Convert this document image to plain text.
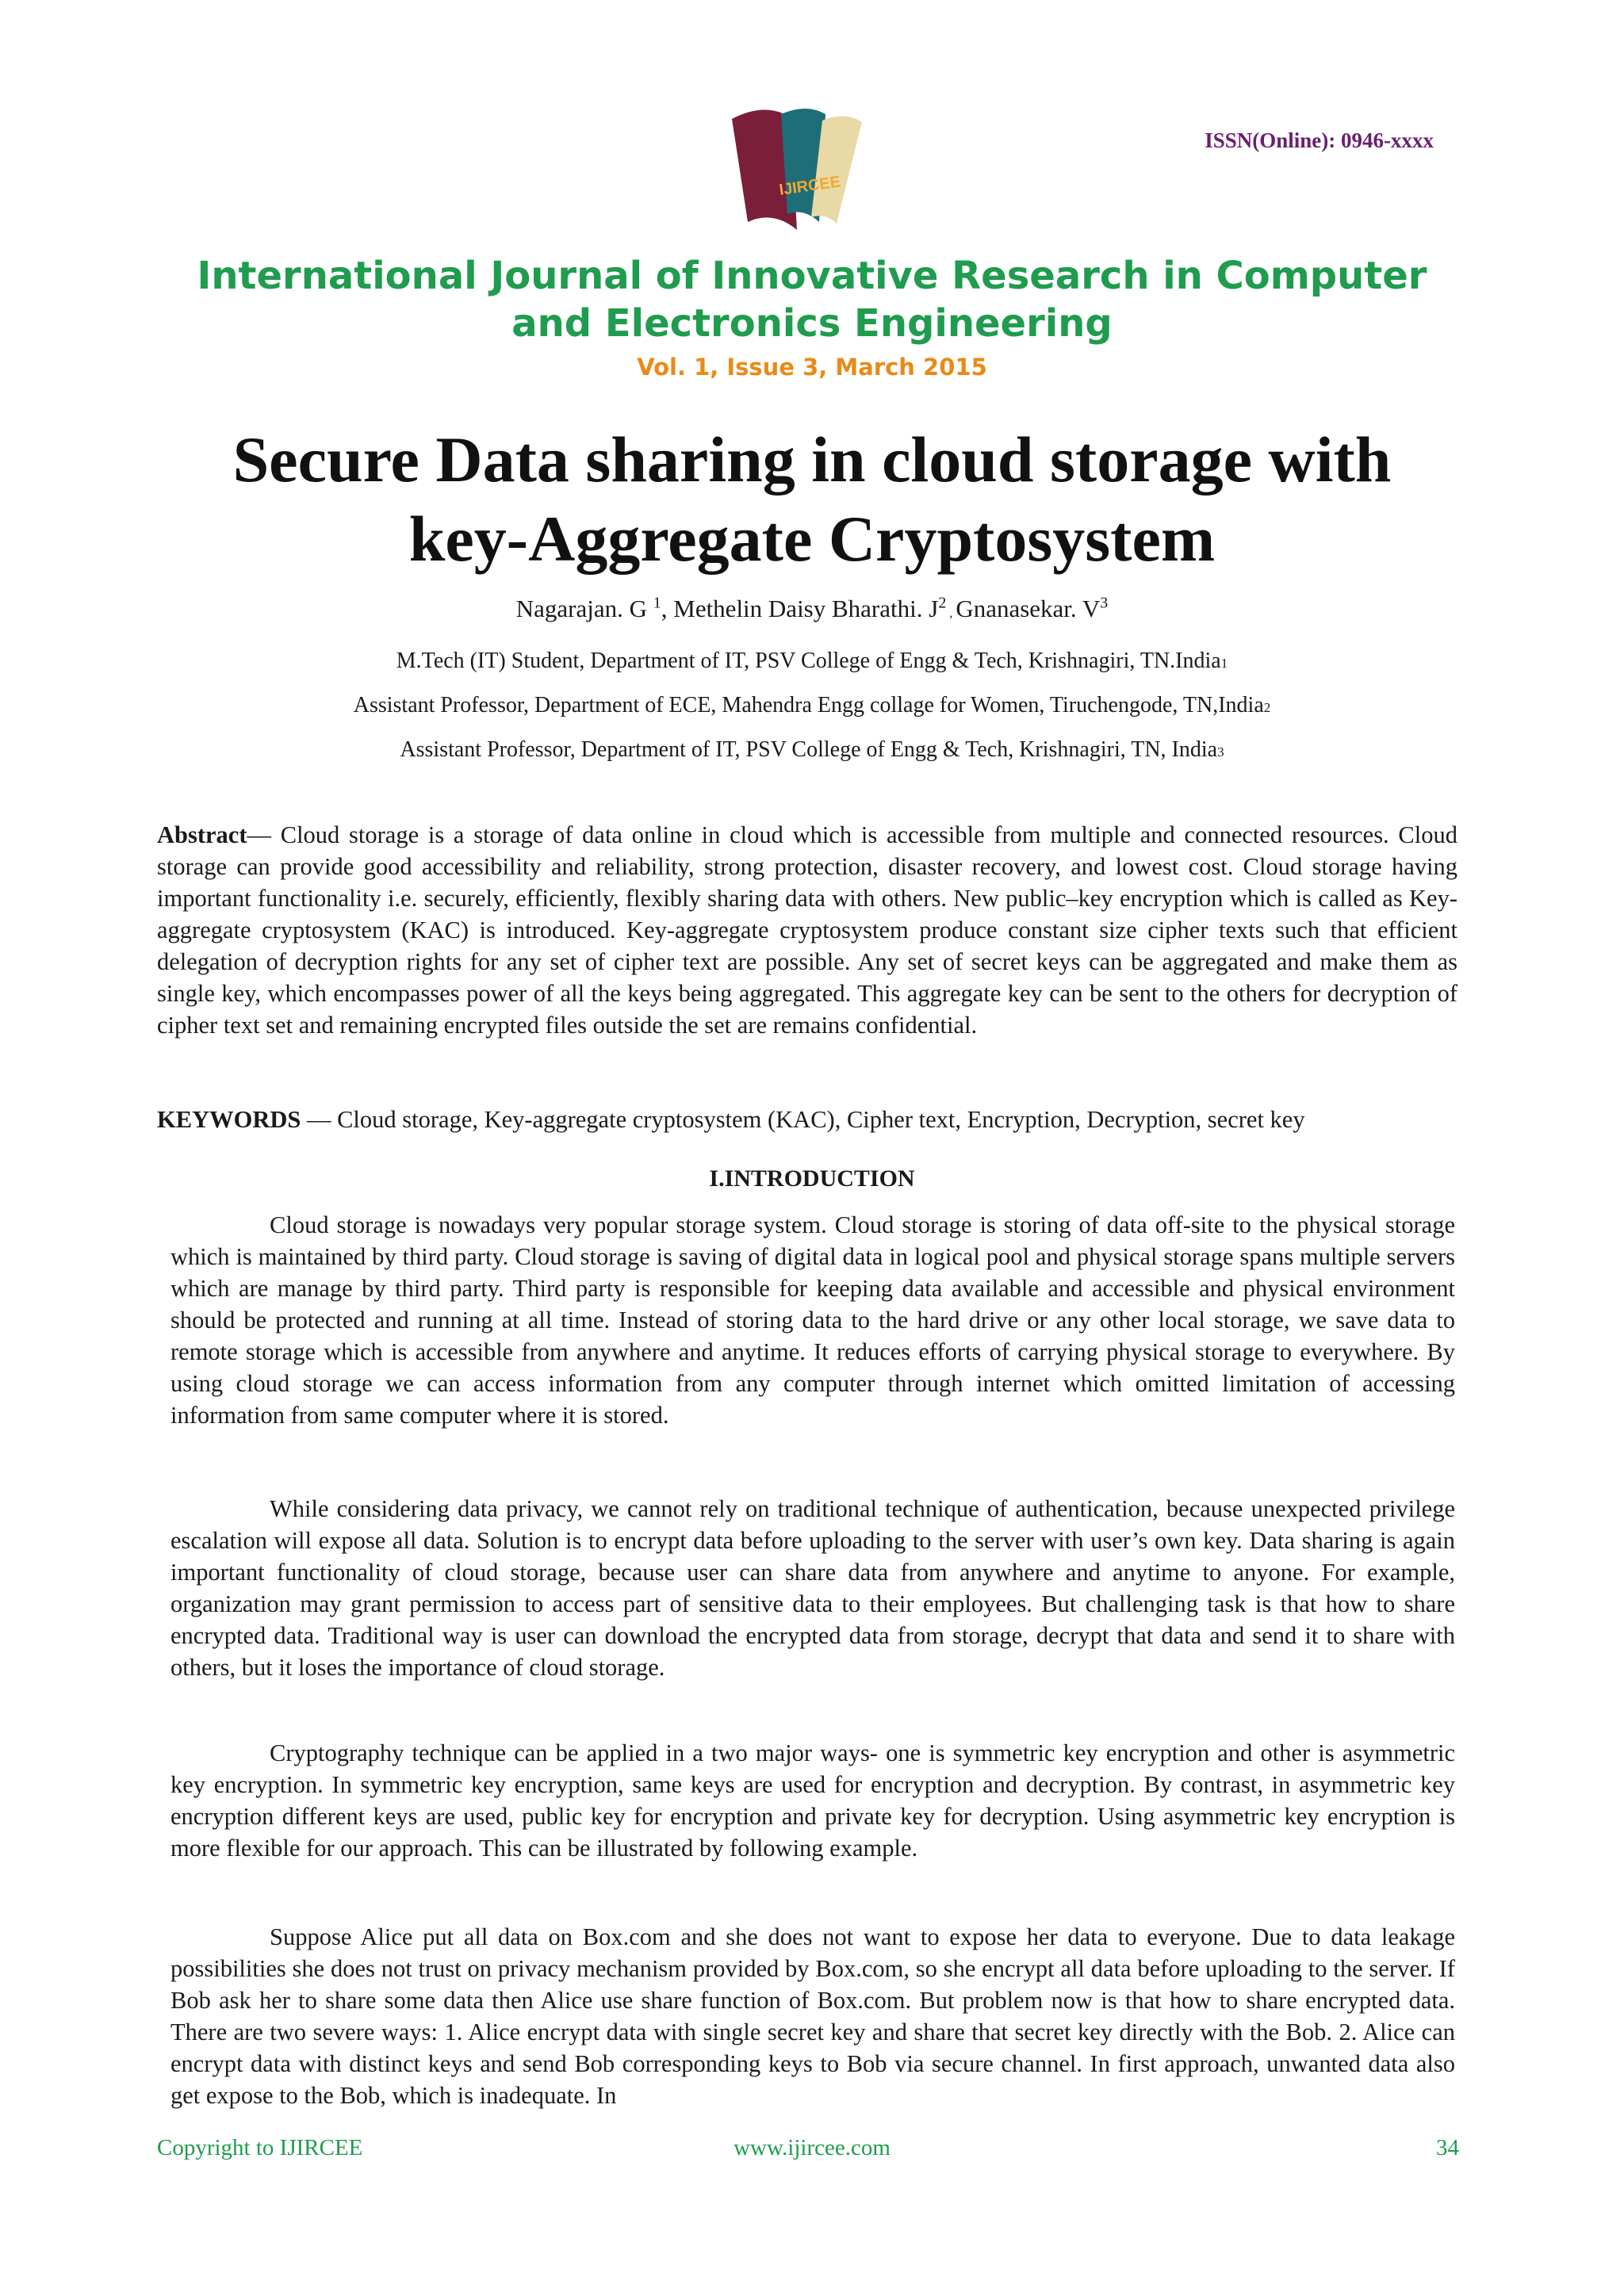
IJIRCEE
ISSN(Online): 0946-xxxx
International Journal of Innovative Research in Computer
and Electronics Engineering
Vol. 1, Issue 3, March 2015
Secure Data sharing in cloud storage with
key-Aggregate Cryptosystem
Nagarajan. G $^1$, Methelin Daisy Bharathi. $J^2$ , Gnanasekar. $V^3$
M.Tech (IT) Student, Department of IT, PSV College of Engg & Tech, Krishnagiri, TN.India1
Assistant Professor, Department of ECE, Mahendra Engg collage for Women, Tiruchengode, TN,India2
Assistant Professor, Department of IT, PSV College of Engg & Tech, Krishnagiri, TN, India3
Abstract— Cloud storage is a storage of data online in cloud which is accessible from multiple and connected resources. Cloud storage can provide good accessibility and reliability, strong protection, disaster recovery, and lowest cost. Cloud storage having important functionality i.e. securely, efficiently, flexibly sharing data with others. New public–key encryption which is called as Key- aggregate cryptosystem (KAC) is introduced. Key-aggregate cryptosystem produce constant size cipher texts such that efficient delegation of decryption rights for any set of cipher text are possible. Any set of secret keys can be aggregated and make them as single key, which encompasses power of all the keys being aggregated. This aggregate key can be sent to the others for decryption of cipher text set and remaining encrypted files outside the set are remains confidential.
KEYWORDS — Cloud storage, Key-aggregate cryptosystem (KAC), Cipher text, Encryption, Decryption, secret key
I.INTRODUCTION
Cloud storage is nowadays very popular storage system. Cloud storage is storing of data off-site to the physical storage which is maintained by third party. Cloud storage is saving of digital data in logical pool and physical storage spans multiple servers which are manage by third party. Third party is responsible for keeping data available and accessible and physical environment should be protected and running at all time. Instead of storing data to the hard drive or any other local storage, we save data to remote storage which is accessible from anywhere and anytime. It reduces efforts of carrying physical storage to everywhere. By using cloud storage we can access information from any computer through internet which omitted limitation of accessing information from same computer where it is stored.
While considering data privacy, we cannot rely on traditional technique of authentication, because unexpected privilege escalation will expose all data. Solution is to encrypt data before uploading to the server with user’s own key. Data sharing is again important functionality of cloud storage, because user can share data from anywhere and anytime to anyone. For example, organization may grant permission to access part of sensitive data to their employees. But challenging task is that how to share encrypted data. Traditional way is user can download the encrypted data from storage, decrypt that data and send it to share with others, but it loses the importance of cloud storage.
Cryptography technique can be applied in a two major ways- one is symmetric key encryption and other is asymmetric key encryption. In symmetric key encryption, same keys are used for encryption and decryption. By contrast, in asymmetric key encryption different keys are used, public key for encryption and private key for decryption. Using asymmetric key encryption is more flexible for our approach. This can be illustrated by following example.
Suppose Alice put all data on Box.com and she does not want to expose her data to everyone. Due to data leakage possibilities she does not trust on privacy mechanism provided by Box.com, so she encrypt all data before uploading to the server. If Bob ask her to share some data then Alice use share function of Box.com. But problem now is that how to share encrypted data. There are two severe ways: 1. Alice encrypt data with single secret key and share that secret key directly with the Bob. 2. Alice can encrypt data with distinct keys and send Bob corresponding keys to Bob via secure channel. In first approach, unwanted data also get expose to the Bob, which is inadequate. In
Copyright to IJIRCEE	www.ijircee.com	34
